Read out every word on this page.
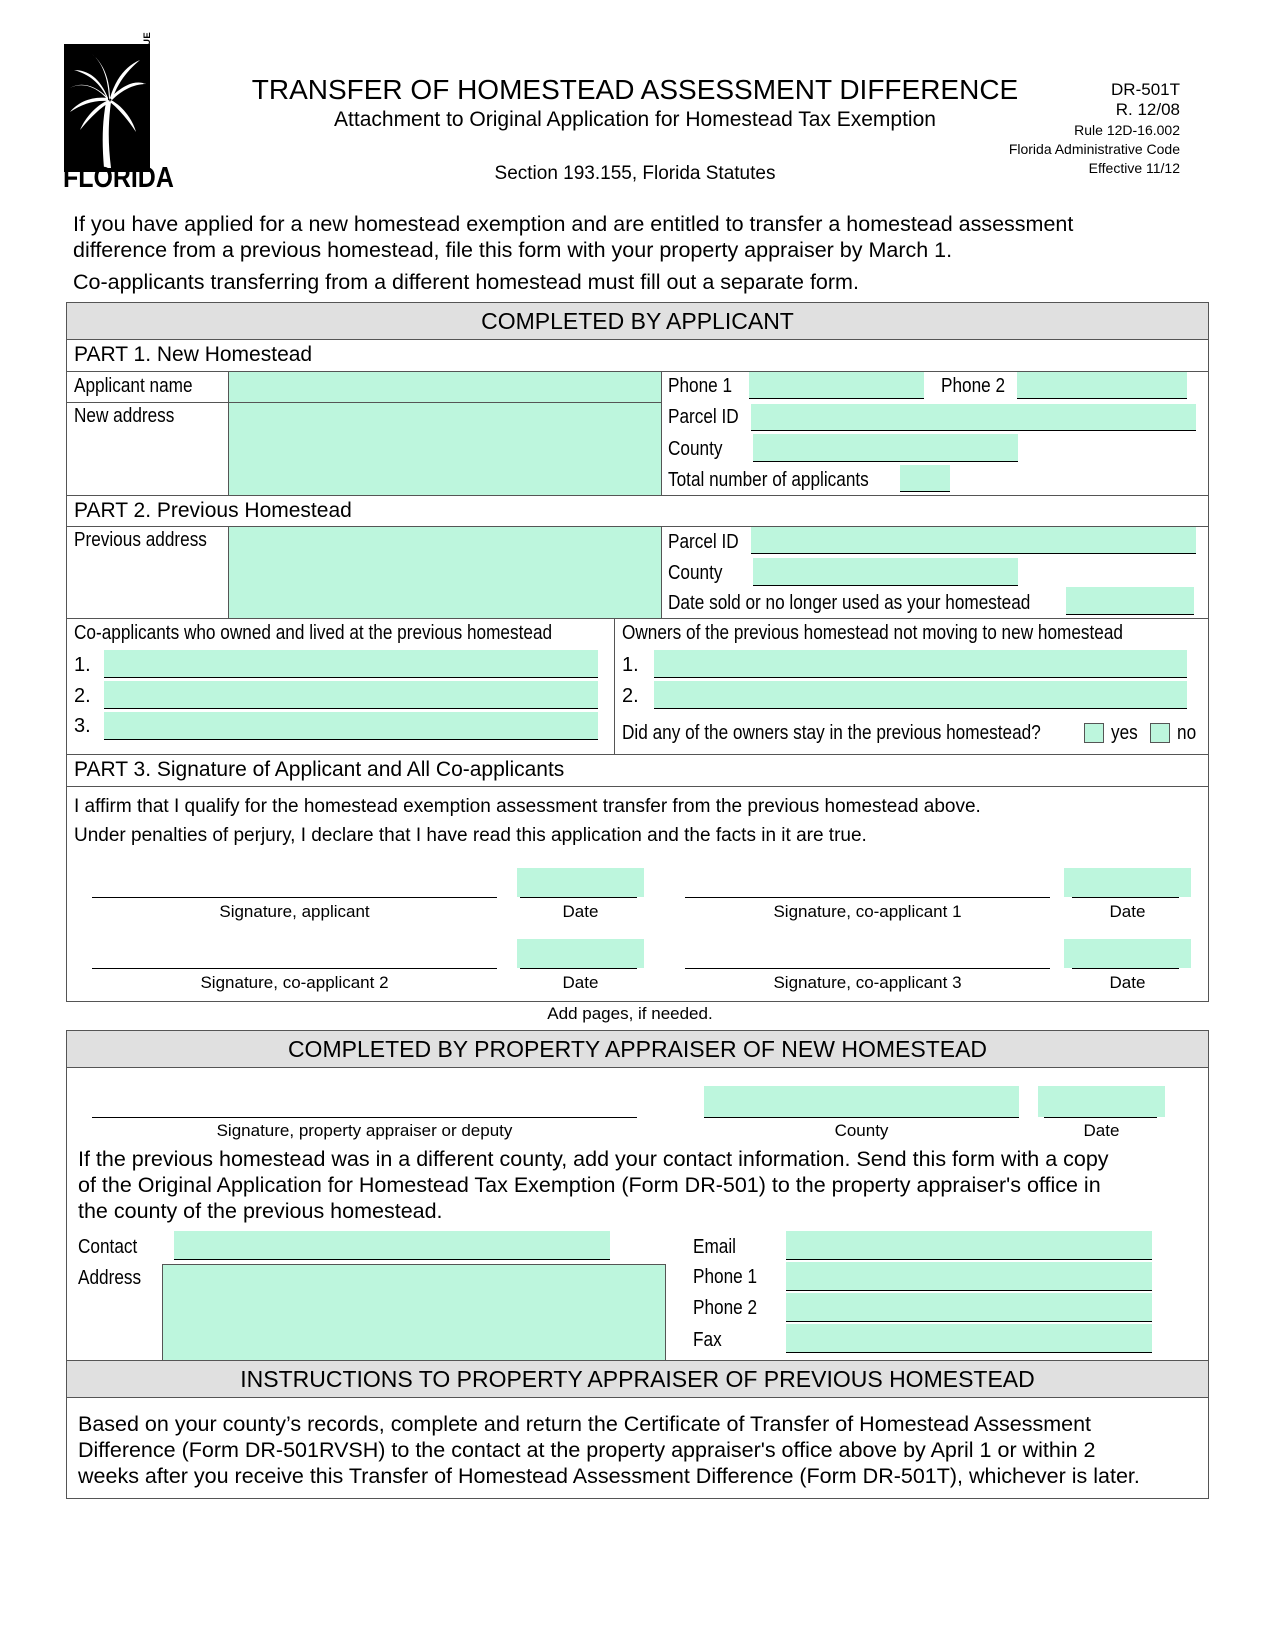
DEPARTMENT OF REVENUE
FLORIDA
TRANSFER OF HOMESTEAD ASSESSMENT DIFFERENCE
Attachment to Original Application for Homestead Tax Exemption
Section 193.155, Florida Statutes
DR-501T
R. 12/08
Rule 12D-16.002
Florida Administrative Code
Effective 11/12
If you have applied for a new homestead exemption and are entitled to transfer a homestead assessment
difference from a previous homestead, file this form with your property appraiser by March 1.
Co-applicants transferring from a different homestead must fill out a separate form.
COMPLETED BY APPLICANT
PART 1. New Homestead
Applicant name
New address
Phone 1	Phone 2
Parcel ID
County
Total number of applicants
PART 2. Previous Homestead
Previous address	Parcel ID
County
Date sold or no longer used as your homestead
Co-applicants who owned and lived at the previous homestead
1.
2.
3.
Owners of the previous homestead not moving to new homestead
1.
2.
Did any of the owners stay in the previous homestead?	yes no
PART 3. Signature of Applicant and All Co-applicants
I affirm that I qualify for the homestead exemption assessment transfer from the previous homestead above.
Under penalties of perjury, I declare that I have read this application and the facts in it are true.
Signature, applicant	Date	Signature, co-applicant 1	Date
Signature, co-applicant 2	Date	Signature, co-applicant 3	Date
Add pages, if needed.
COMPLETED BY PROPERTY APPRAISER OF NEW HOMESTEAD
Signature, property appraiser or deputy	County	Date
If the previous homestead was in a different county, add your contact information. Send this form with a copy
of the Original Application for Homestead Tax Exemption (Form DR-501) to the property appraiser's office in
the county of the previous homestead.
Contact
Address
Email
Phone 1
Phone 2
Fax
INSTRUCTIONS TO PROPERTY APPRAISER OF PREVIOUS HOMESTEAD
Based on your county’s records, complete and return the Certificate of Transfer of Homestead Assessment
Difference (Form DR-501RVSH) to the contact at the property appraiser's office above by April 1 or within 2
weeks after you receive this Transfer of Homestead Assessment Difference (Form DR-501T), whichever is later.
